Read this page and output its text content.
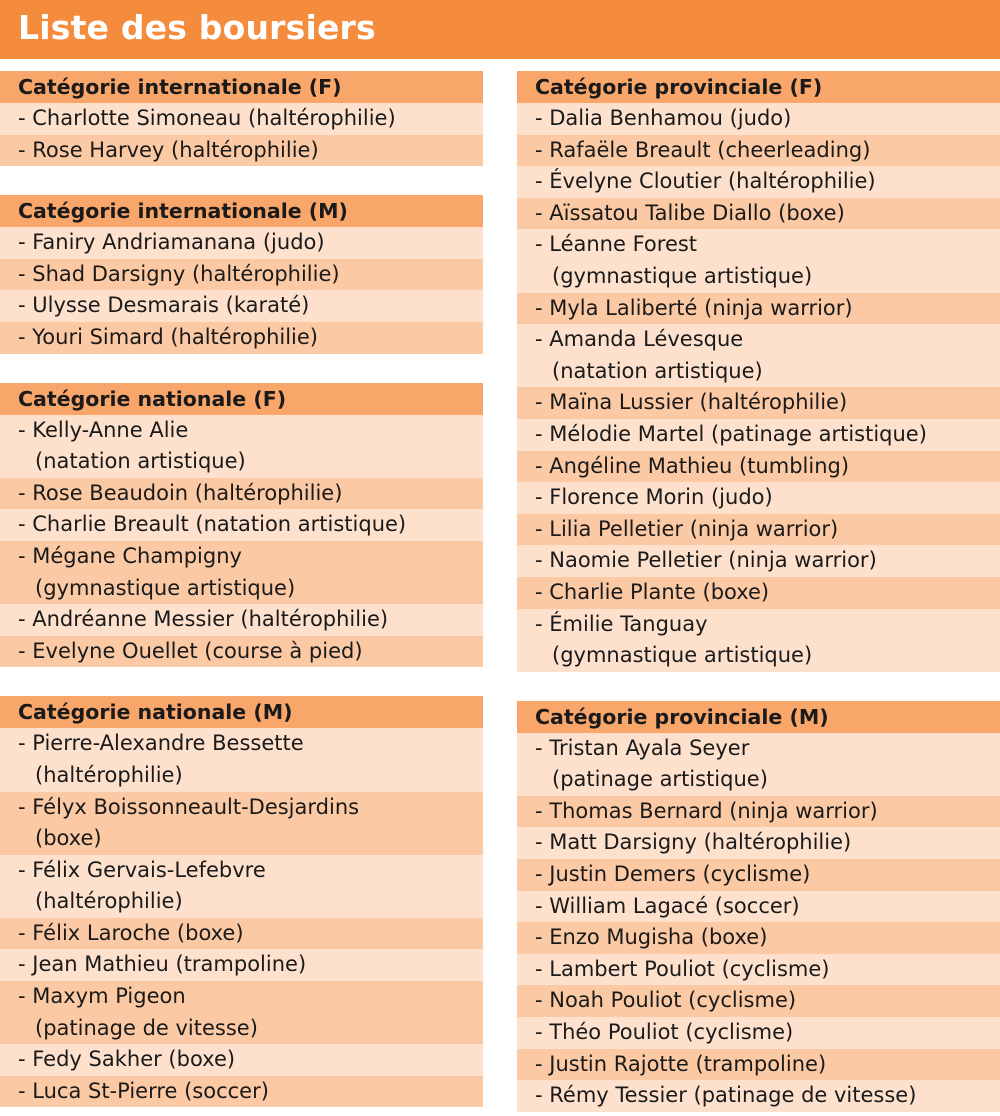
Liste des boursiers
Catégorie internationale (F)
- Charlotte Simoneau (haltérophilie)
- Rose Harvey (haltérophilie)
Catégorie internationale (M)
- Faniry Andriamanana (judo)
- Shad Darsigny (haltérophilie)
- Ulysse Desmarais (karaté)
- Youri Simard (haltérophilie)
Catégorie nationale (F)
- Kelly-Anne Alie
(natation artistique)
- Rose Beaudoin (haltérophilie)
- Charlie Breault (natation artistique)
- Mégane Champigny
(gymnastique artistique)
- Andréanne Messier (haltérophilie)
- Evelyne Ouellet (course à pied)
Catégorie nationale (M)
- Pierre-Alexandre Bessette
(haltérophilie)
- Félyx Boissonneault-Desjardins
(boxe)
- Félix Gervais-Lefebvre
(haltérophilie)
- Félix Laroche (boxe)
- Jean Mathieu (trampoline)
- Maxym Pigeon
(patinage de vitesse)
- Fedy Sakher (boxe)
- Luca St-Pierre (soccer)
Catégorie provinciale (F)
- Dalia Benhamou (judo)
- Rafaële Breault (cheerleading)
- Évelyne Cloutier (haltérophilie)
- Aïssatou Talibe Diallo (boxe)
- Léanne Forest
(gymnastique artistique)
- Myla Laliberté (ninja warrior)
- Amanda Lévesque
(natation artistique)
- Maïna Lussier (haltérophilie)
- Mélodie Martel (patinage artistique)
- Angéline Mathieu (tumbling)
- Florence Morin (judo)
- Lilia Pelletier (ninja warrior)
- Naomie Pelletier (ninja warrior)
- Charlie Plante (boxe)
- Émilie Tanguay
(gymnastique artistique)
Catégorie provinciale (M)
- Tristan Ayala Seyer
(patinage artistique)
- Thomas Bernard (ninja warrior)
- Matt Darsigny (haltérophilie)
- Justin Demers (cyclisme)
- William Lagacé (soccer)
- Enzo Mugisha (boxe)
- Lambert Pouliot (cyclisme)
- Noah Pouliot (cyclisme)
- Théo Pouliot (cyclisme)
- Justin Rajotte (trampoline)
- Rémy Tessier (patinage de vitesse)
